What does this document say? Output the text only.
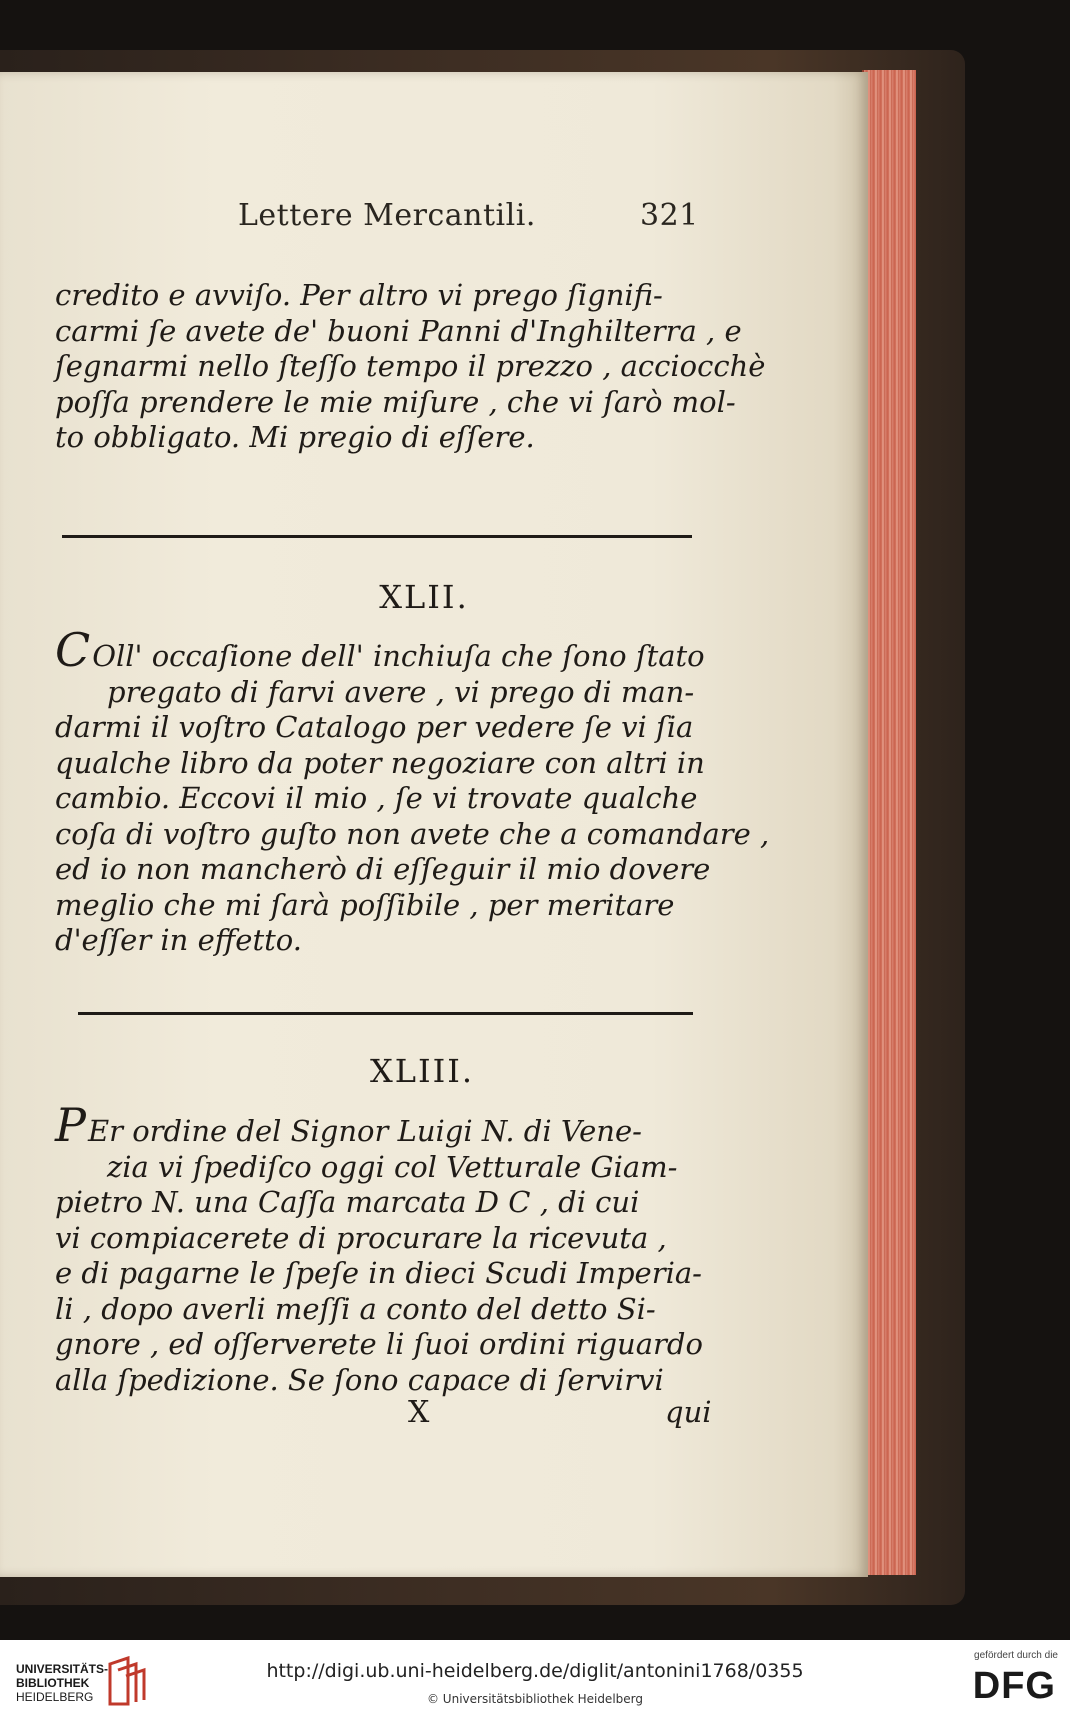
Lettere Mercantili.	321
credito e avviſo. Per altro vi prego ſignifi-
carmi ſe avete de' buoni Panni d'Inghilterra , e
ſegnarmi nello ſteſſo tempo il prezzo , acciocchè
poſſa prendere le mie miſure , che vi ſarò mol-
to obbligato. Mi pregio di eſſere.
XLII.
COll' occaſione dell' inchiuſa che ſono ſtato
pregato di farvi avere , vi prego di man-
darmi il voſtro Catalogo per vedere ſe vi ſia
qualche libro da poter negoziare con altri in
cambio. Eccovi il mio , ſe vi trovate qualche
coſa di voſtro guſto non avete che a comandare ,
ed io non mancherò di eſſeguir il mio dovere
meglio che mi ſarà poſſibile , per meritare
d'eſſer in effetto.
XLIII.
PEr ordine del Signor Luigi N. di Vene-
zia vi ſpediſco oggi col Vetturale Giam-
pietro N. una Caſſa marcata D C , di cui
vi compiacerete di procurare la ricevuta ,
e di pagarne le ſpeſe in dieci Scudi Imperia-
li , dopo averli meſſi a conto del detto Si-
gnore , ed oſſerverete li ſuoi ordini riguardo
alla ſpedizione. Se ſono capace di ſervirvi
X	qui
UNIVERSITÄTS-
BIBLIOTHEK
HEIDELBERG
http://digi.ub.uni-heidelberg.de/diglit/antonini1768/0355
© Universitätsbibliothek Heidelberg
gefördert durch die
DFG
